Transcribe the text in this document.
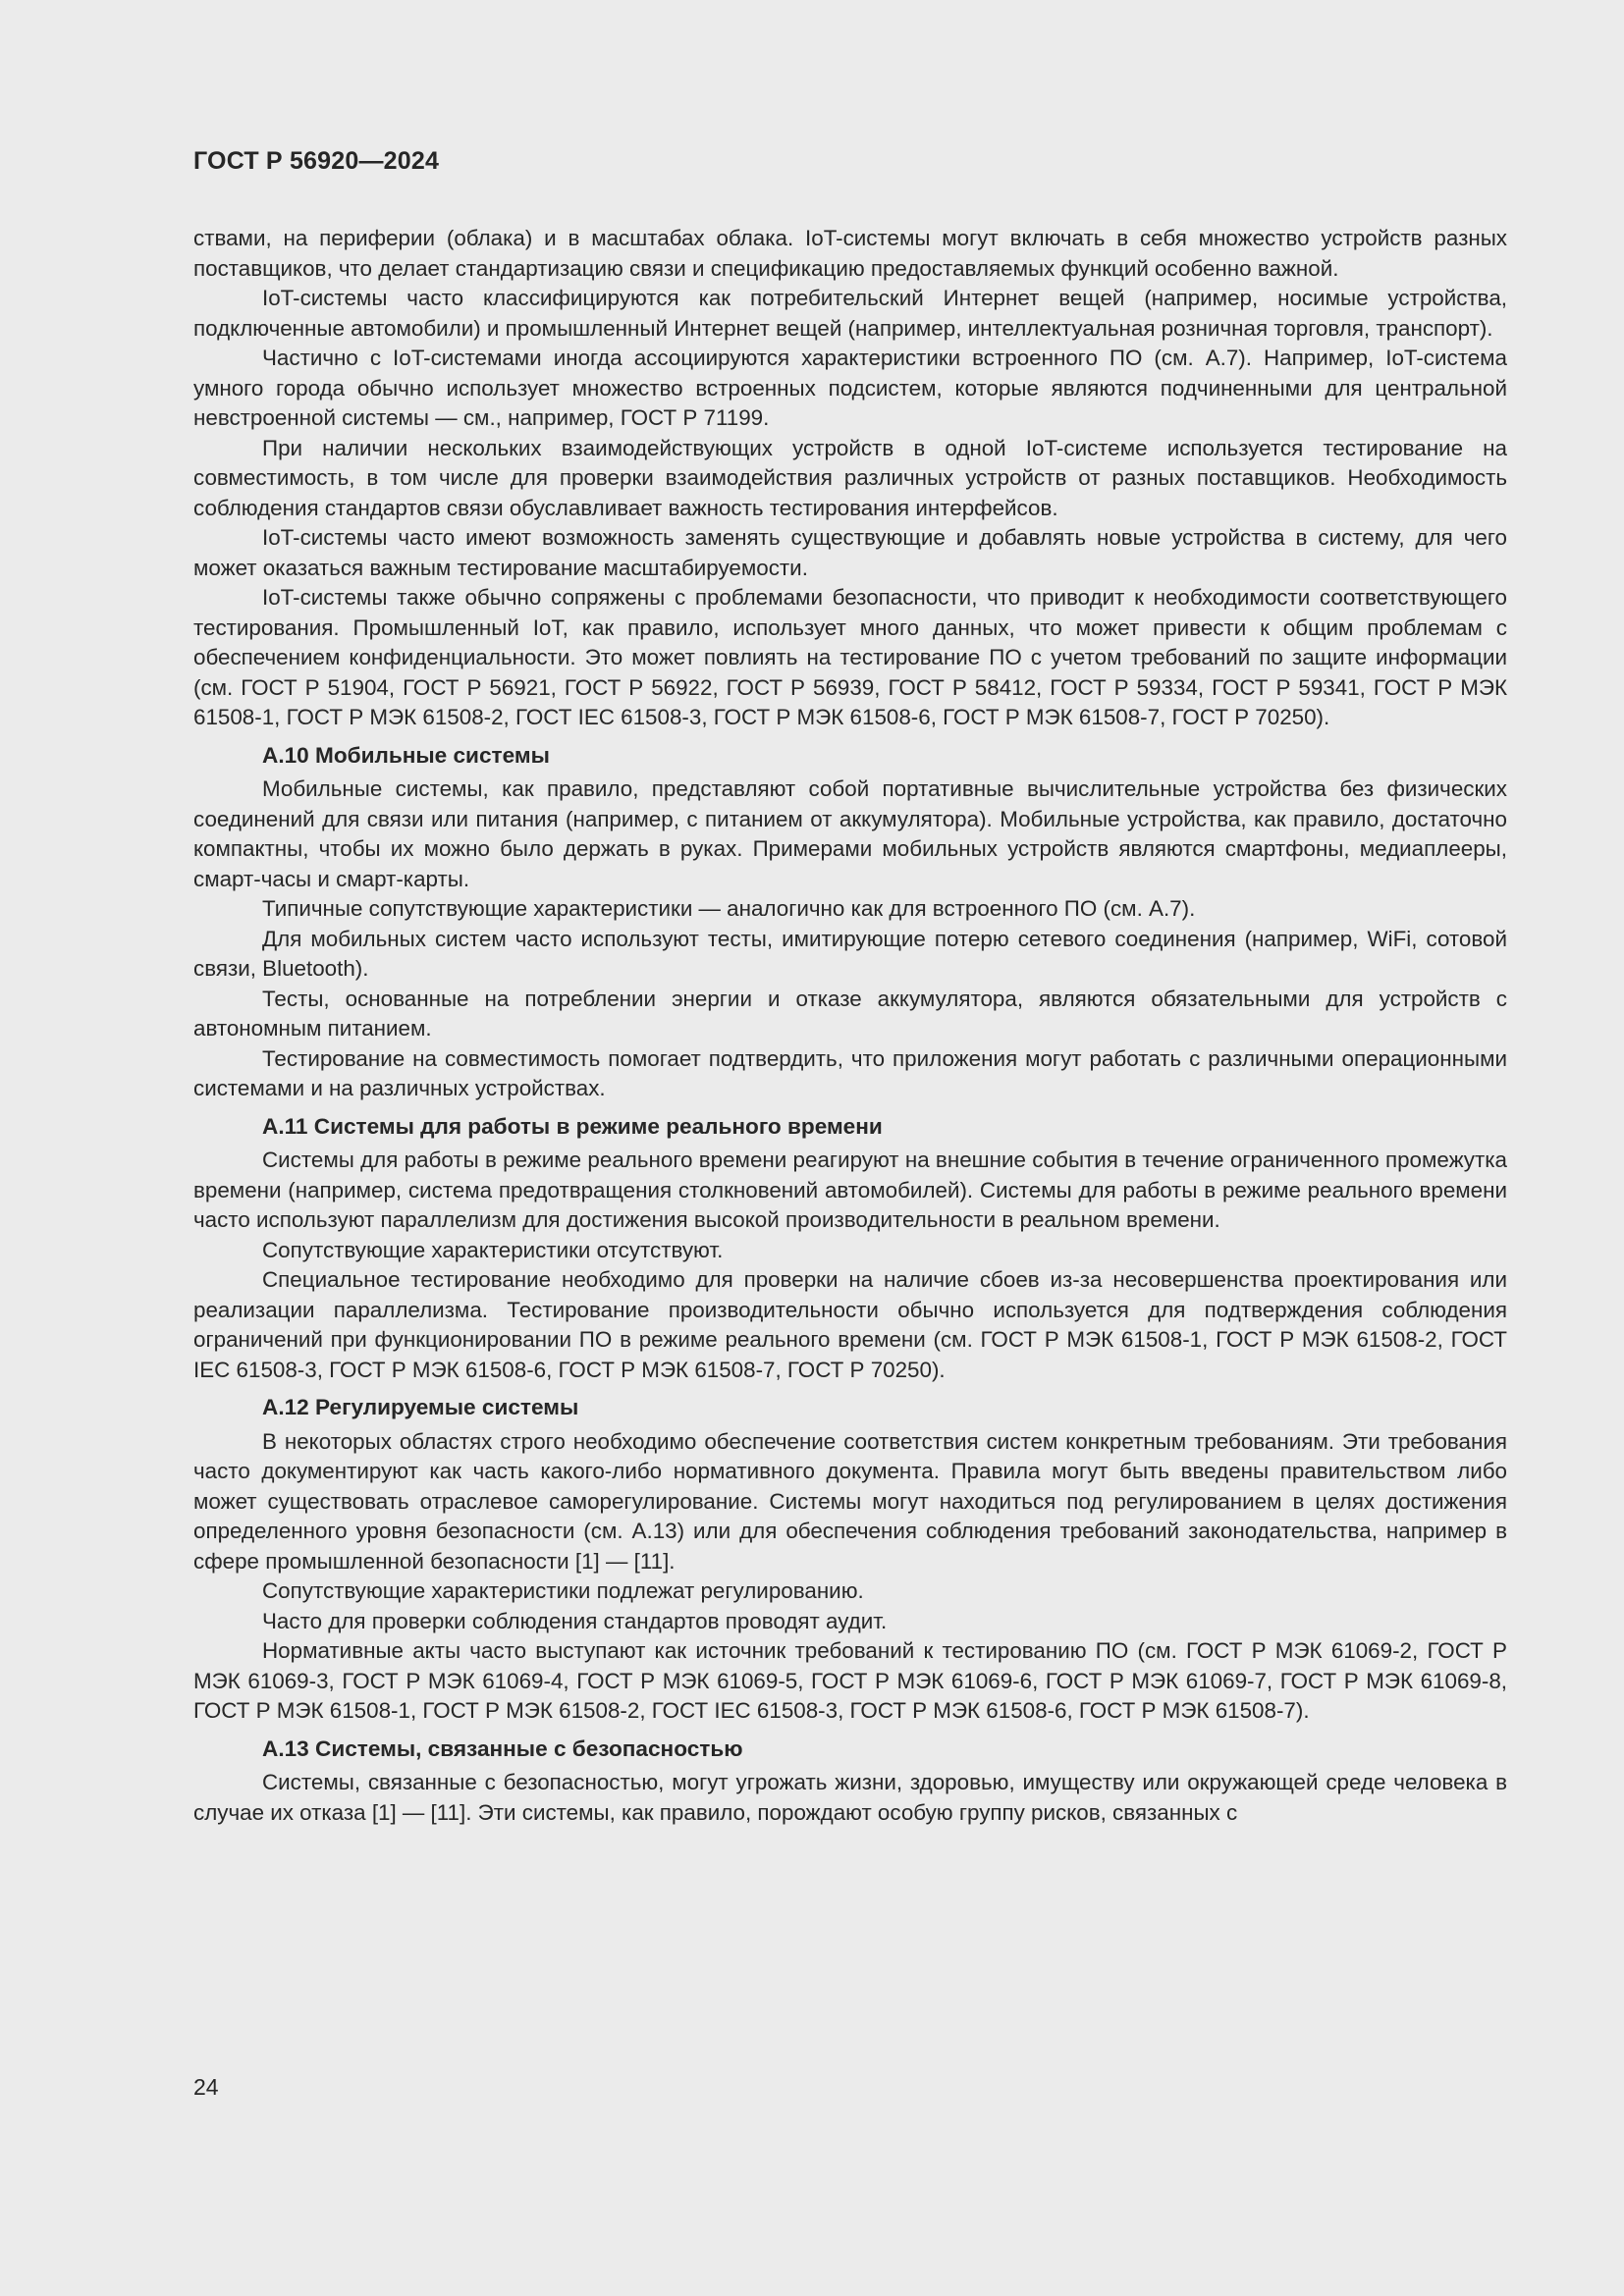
ГОСТ Р 56920—2024

ствами, на периферии (облака) и в масштабах облака. IoT-системы могут включать в себя множество устройств разных поставщиков, что делает стандартизацию связи и спецификацию предоставляемых функций особенно важной.

IoT-системы часто классифицируются как потребительский Интернет вещей (например, носимые устройства, подключенные автомобили) и промышленный Интернет вещей (например, интеллектуальная розничная торговля, транспорт).

Частично с IoT-системами иногда ассоциируются характеристики встроенного ПО (см. А.7). Например, IoT-система умного города обычно использует множество встроенных подсистем, которые являются подчиненными для центральной невстроенной системы — см., например, ГОСТ Р 71199.

При наличии нескольких взаимодействующих устройств в одной IoT-системе используется тестирование на совместимость, в том числе для проверки взаимодействия различных устройств от разных поставщиков. Необходимость соблюдения стандартов связи обуславливает важность тестирования интерфейсов.

IoT-системы часто имеют возможность заменять существующие и добавлять новые устройства в систему, для чего может оказаться важным тестирование масштабируемости.

IoT-системы также обычно сопряжены с проблемами безопасности, что приводит к необходимости соответствующего тестирования. Промышленный IoT, как правило, использует много данных, что может привести к общим проблемам с обеспечением конфиденциальности. Это может повлиять на тестирование ПО с учетом требований по защите информации (см. ГОСТ Р 51904, ГОСТ Р 56921, ГОСТ Р 56922, ГОСТ Р 56939, ГОСТ Р 58412, ГОСТ Р 59334, ГОСТ Р 59341, ГОСТ Р МЭК 61508-1, ГОСТ Р МЭК 61508-2, ГОСТ IEC 61508-3, ГОСТ Р МЭК 61508-6, ГОСТ Р МЭК 61508-7, ГОСТ Р 70250).

А.10 Мобильные системы

Мобильные системы, как правило, представляют собой портативные вычислительные устройства без физических соединений для связи или питания (например, с питанием от аккумулятора). Мобильные устройства, как правило, достаточно компактны, чтобы их можно было держать в руках. Примерами мобильных устройств являются смартфоны, медиаплееры, смарт-часы и смарт-карты.

Типичные сопутствующие характеристики — аналогично как для встроенного ПО (см. А.7).

Для мобильных систем часто используют тесты, имитирующие потерю сетевого соединения (например, WiFi, сотовой связи, Bluetooth).

Тесты, основанные на потреблении энергии и отказе аккумулятора, являются обязательными для устройств с автономным питанием.

Тестирование на совместимость помогает подтвердить, что приложения могут работать с различными операционными системами и на различных устройствах.

А.11 Системы для работы в режиме реального времени

Системы для работы в режиме реального времени реагируют на внешние события в течение ограниченного промежутка времени (например, система предотвращения столкновений автомобилей). Системы для работы в режиме реального времени часто используют параллелизм для достижения высокой производительности в реальном времени.

Сопутствующие характеристики отсутствуют.

Специальное тестирование необходимо для проверки на наличие сбоев из-за несовершенства проектирования или реализации параллелизма. Тестирование производительности обычно используется для подтверждения соблюдения ограничений при функционировании ПО в режиме реального времени (см. ГОСТ Р МЭК 61508-1, ГОСТ Р МЭК 61508-2, ГОСТ IEC 61508-3, ГОСТ Р МЭК 61508-6, ГОСТ Р МЭК 61508-7, ГОСТ Р 70250).

А.12 Регулируемые системы

В некоторых областях строго необходимо обеспечение соответствия систем конкретным требованиям. Эти требования часто документируют как часть какого-либо нормативного документа. Правила могут быть введены правительством либо может существовать отраслевое саморегулирование. Системы могут находиться под регулированием в целях достижения определенного уровня безопасности (см. А.13) или для обеспечения соблюдения требований законодательства, например в сфере промышленной безопасности [1] — [11].

Сопутствующие характеристики подлежат регулированию.

Часто для проверки соблюдения стандартов проводят аудит.

Нормативные акты часто выступают как источник требований к тестированию ПО (см. ГОСТ Р МЭК 61069-2, ГОСТ Р МЭК 61069-3, ГОСТ Р МЭК 61069-4, ГОСТ Р МЭК 61069-5, ГОСТ Р МЭК 61069-6, ГОСТ Р МЭК 61069-7, ГОСТ Р МЭК 61069-8, ГОСТ Р МЭК 61508-1, ГОСТ Р МЭК 61508-2, ГОСТ IEC 61508-3, ГОСТ Р МЭК 61508-6, ГОСТ Р МЭК 61508-7).

А.13 Системы, связанные с безопасностью

Системы, связанные с безопасностью, могут угрожать жизни, здоровью, имуществу или окружающей среде человека в случае их отказа [1] — [11]. Эти системы, как правило, порождают особую группу рисков, связанных с

24
